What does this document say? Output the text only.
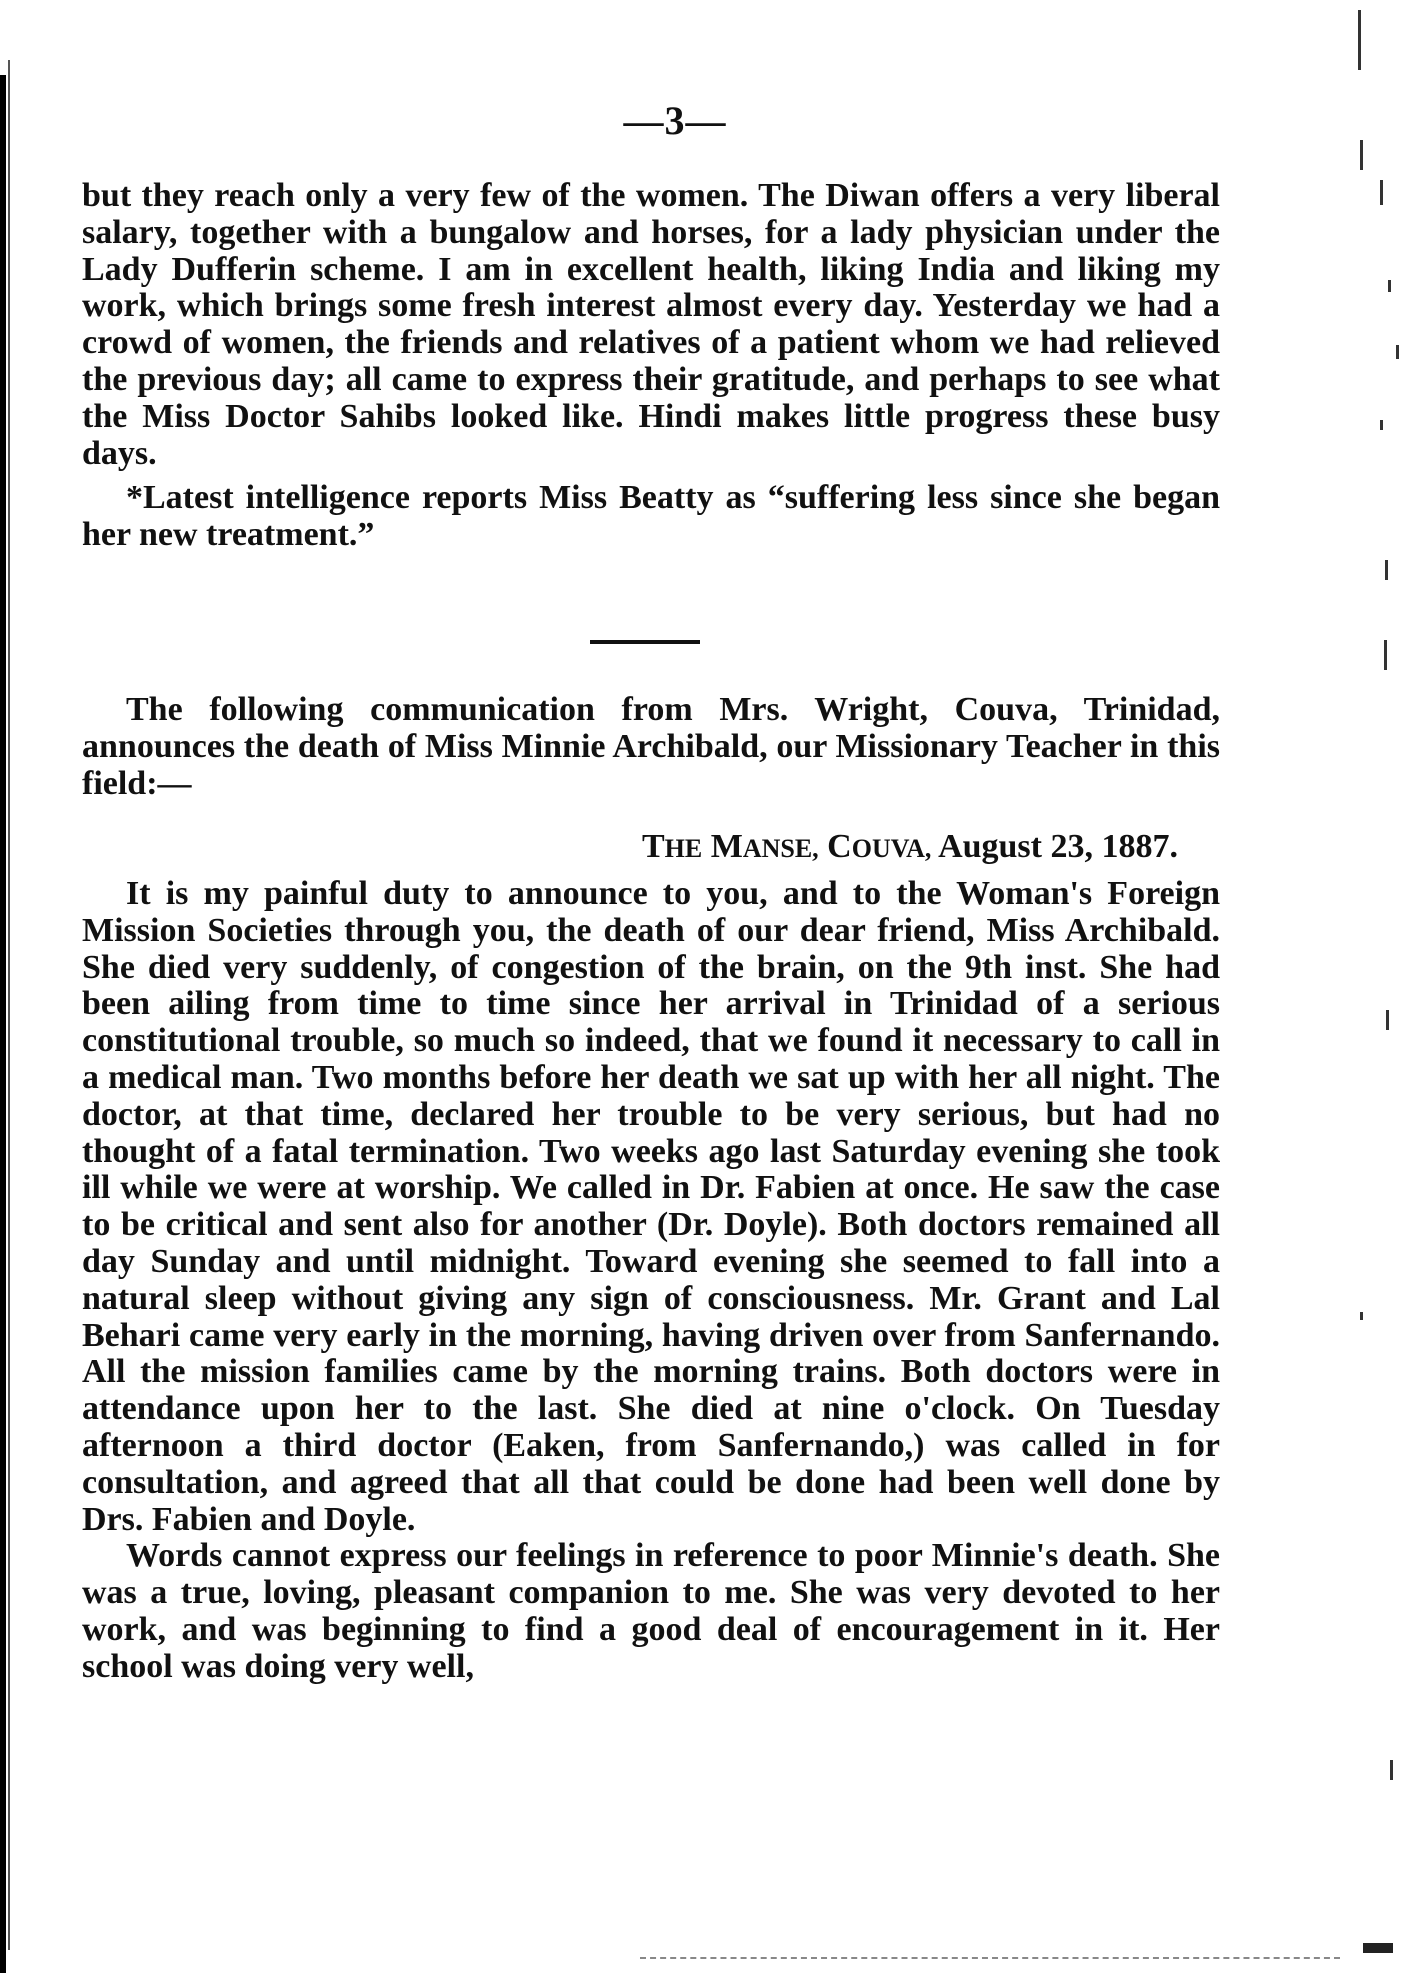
—3—

but they reach only a very few of the women. The Diwan offers a very liberal salary, together with a bungalow and horses, for a lady physician under the Lady Dufferin scheme. I am in excellent health, liking India and liking my work, which brings some fresh interest almost every day. Yesterday we had a crowd of women, the friends and relatives of a patient whom we had relieved the previous day; all came to express their gratitude, and perhaps to see what the Miss Doctor Sahibs looked like. Hindi makes little progress these busy days.

*Latest intelligence reports Miss Beatty as “suffering less since she began her new treatment.”

The following communication from Mrs. Wright, Couva, Trinidad, announces the death of Miss Minnie Archibald, our Missionary Teacher in this field:—

THE MANSE, COUVA, August 23, 1887.

It is my painful duty to announce to you, and to the Woman's Foreign Mission Societies through you, the death of our dear friend, Miss Archibald. She died very suddenly, of congestion of the brain, on the 9th inst. She had been ailing from time to time since her arrival in Trinidad of a serious constitutional trouble, so much so indeed, that we found it necessary to call in a medical man. Two months before her death we sat up with her all night. The doctor, at that time, declared her trouble to be very serious, but had no thought of a fatal termination. Two weeks ago last Saturday evening she took ill while we were at worship. We called in Dr. Fabien at once. He saw the case to be critical and sent also for another (Dr. Doyle). Both doctors remained all day Sunday and until midnight. Toward evening she seemed to fall into a natural sleep without giving any sign of consciousness. Mr. Grant and Lal Behari came very early in the morning, having driven over from Sanfernando. All the mission families came by the morning trains. Both doctors were in attendance upon her to the last. She died at nine o'clock. On Tuesday afternoon a third doctor (Eaken, from Sanfernando,) was called in for consultation, and agreed that all that could be done had been well done by Drs. Fabien and Doyle.

Words cannot express our feelings in reference to poor Minnie's death. She was a true, loving, pleasant companion to me. She was very devoted to her work, and was beginning to find a good deal of encouragement in it. Her school was doing very well,
